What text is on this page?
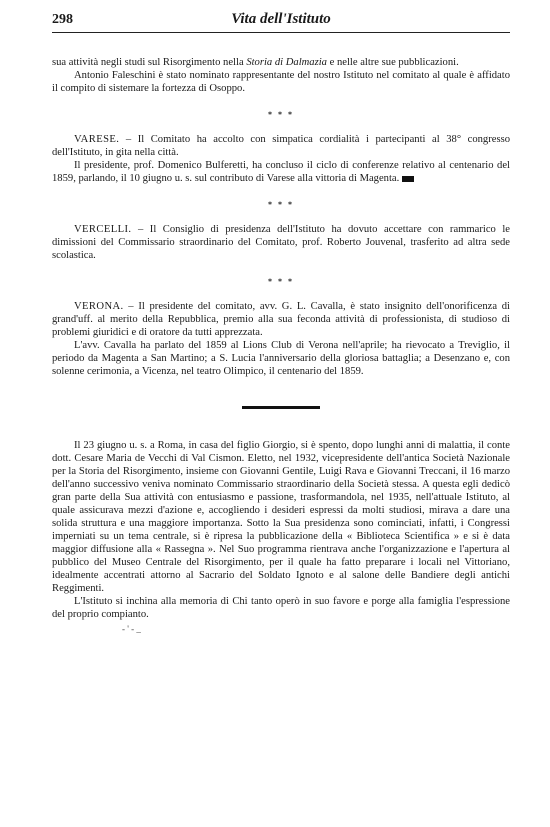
298	Vita dell'Istituto

sua attività negli studi sul Risorgimento nella Storia di Dalmazia e nelle altre sue pubblicazioni.

Antonio Faleschini è stato nominato rappresentante del nostro Istituto nel comitato al quale è affidato il compito di sistemare la fortezza di Osoppo.

* * *

VARESE. – Il Comitato ha accolto con simpatica cordialità i partecipanti al 38° congresso dell'Istituto, in gita nella città.

Il presidente, prof. Domenico Bulferetti, ha concluso il ciclo di conferenze relativo al centenario del 1859, parlando, il 10 giugno u. s. sul contributo di Varese alla vittoria di Magenta.

* * *

VERCELLI. – Il Consiglio di presidenza dell'Istituto ha dovuto accettare con rammarico le dimissioni del Commissario straordinario del Comitato, prof. Roberto Jouvenal, trasferito ad altra sede scolastica.

* * *

VERONA. – Il presidente del comitato, avv. G. L. Cavalla, è stato insignito dell'onorificenza di grand'uff. al merito della Repubblica, premio alla sua feconda attività di professionista, di studioso di problemi giuridici e di oratore da tutti apprezzata.

L'avv. Cavalla ha parlato del 1859 al Lions Club di Verona nell'aprile; ha rievocato a Treviglio, il periodo da Magenta a San Martino; a S. Lucia l'anniversario della gloriosa battaglia; a Desenzano e, con solenne cerimonia, a Vicenza, nel teatro Olimpico, il centenario del 1859.

Il 23 giugno u. s. a Roma, in casa del figlio Giorgio, si è spento, dopo lunghi anni di malattia, il conte dott. Cesare Maria de Vecchi di Val Cismon. Eletto, nel 1932, vicepresidente dell'antica Società Nazionale per la Storia del Risorgimento, insieme con Giovanni Gentile, Luigi Rava e Giovanni Treccani, il 16 marzo dell'anno successivo veniva nominato Commissario straordinario della Società stessa. A questa egli dedicò gran parte della Sua attività con entusiasmo e passione, trasformandola, nel 1935, nell'attuale Istituto, al quale assicurava mezzi d'azione e, accogliendo i desideri espressi da molti studiosi, mirava a dare una solida struttura e una maggiore importanza. Sotto la Sua presidenza sono cominciati, infatti, i Congressi imperniati su un tema centrale, si è ripresa la pubblicazione della « Biblioteca Scientifica » e si è data maggior diffusione alla « Rassegna ». Nel Suo programma rientrava anche l'organizzazione e l'apertura al pubblico del Museo Centrale del Risorgimento, per il quale ha fatto preparare i locali nel Vittoriano, idealmente accentrati attorno al Sacrario del Soldato Ignoto e al salone delle Bandiere degli antichi Reggimenti.

L'Istituto si inchina alla memoria di Chi tanto operò in suo favore e porge alla famiglia l'espressione del proprio compianto.

- ' - _
